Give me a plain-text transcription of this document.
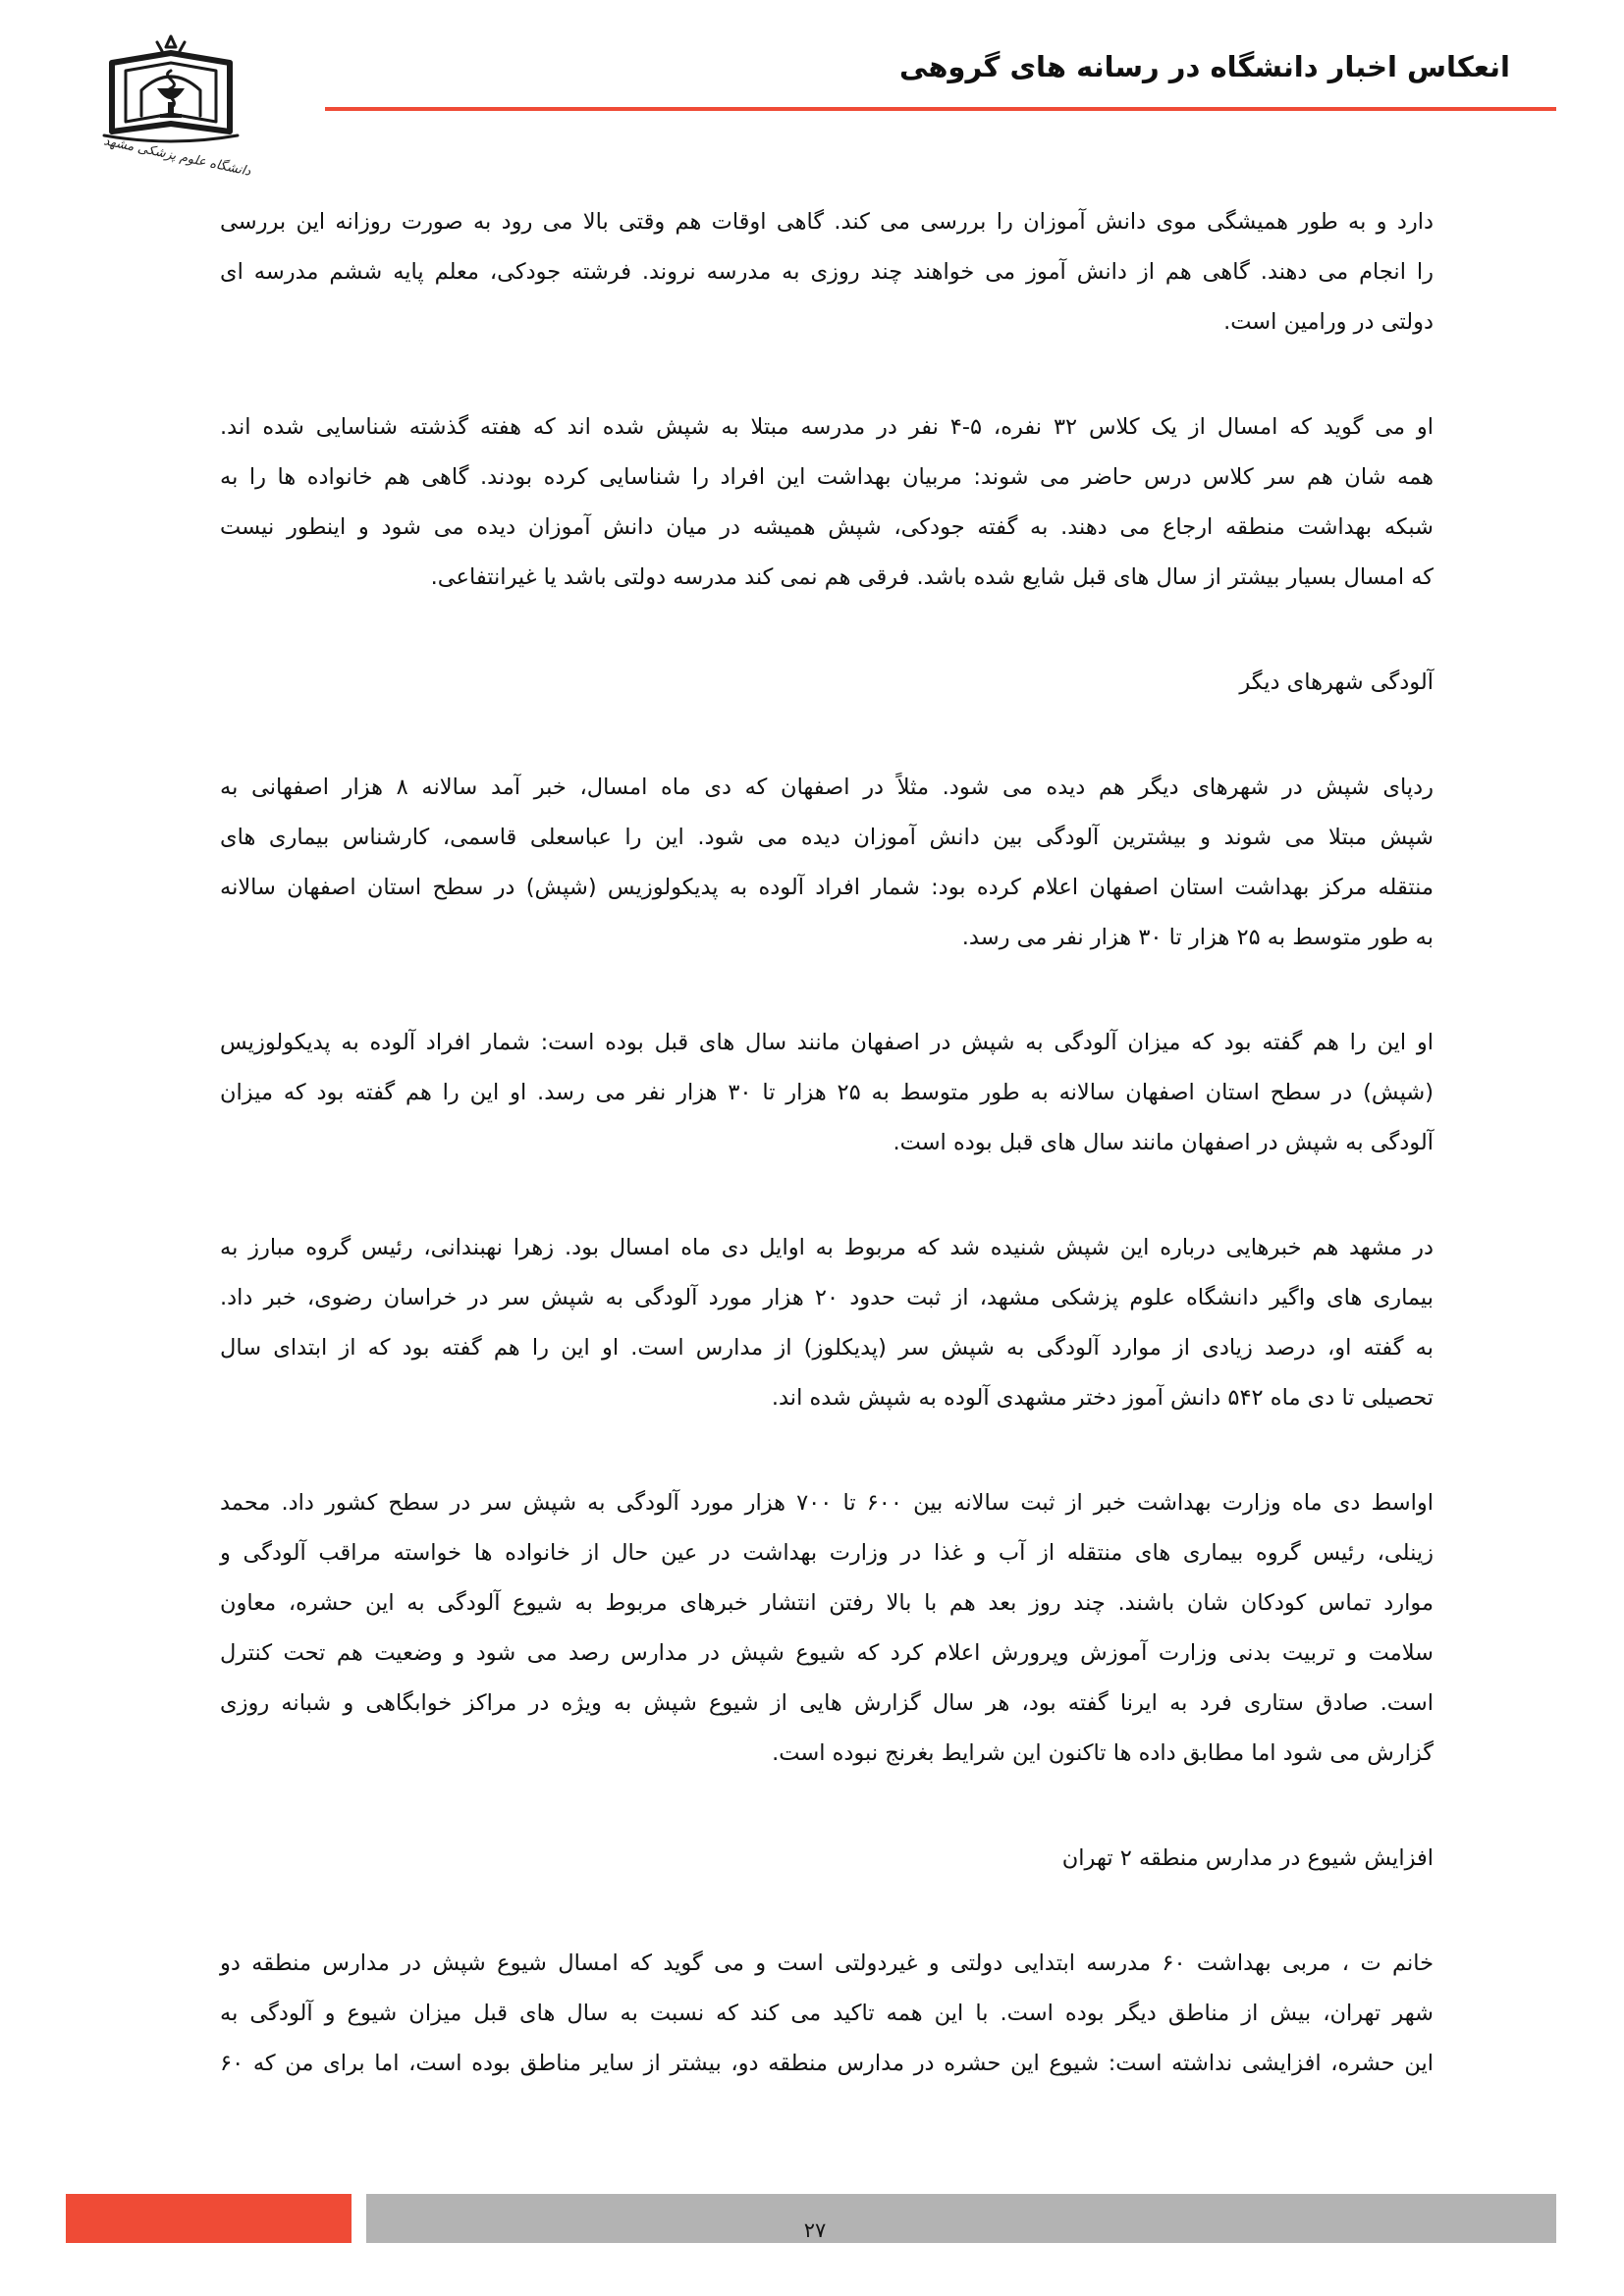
دانشگاه علوم پزشکی مشهد
انعکاس اخبار دانشگاه در رسانه های گروهی

دارد و به طور همیشگی موی دانش آموزان را بررسی می کند. گاهی اوقات هم وقتی بالا می رود به صورت روزانه این بررسی

را انجام می دهند. گاهی هم از دانش آموز می خواهند چند روزی به مدرسه نروند. فرشته جودکی، معلم پایه ششم مدرسه ای

دولتی در ورامین است.

او می گوید که امسال از یک کلاس ۳۲ نفره، ۵-۴ نفر در مدرسه مبتلا به شپش شده اند که هفته گذشته شناسایی شده اند.

همه شان هم سر کلاس درس حاضر می شوند: مربیان بهداشت این افراد را شناسایی کرده بودند. گاهی هم خانواده ها را به

شبکه بهداشت منطقه ارجاع می دهند. به گفته جودکی، شپش همیشه در میان دانش آموزان دیده می شود و اینطور نیست

که امسال بسیار بیشتر از سال های قبل شایع شده باشد. فرقی هم نمی کند مدرسه دولتی باشد یا غیرانتفاعی.

آلودگی شهرهای دیگر

ردپای شپش در شهرهای دیگر هم دیده می شود. مثلاً در اصفهان که دی ماه امسال، خبر آمد سالانه ۸ هزار اصفهانی به

شپش مبتلا می شوند و بیشترین آلودگی بین دانش آموزان دیده می شود. این را عباسعلی قاسمی، کارشناس بیماری های

منتقله مرکز بهداشت استان اصفهان اعلام کرده بود: شمار افراد آلوده به پدیکولوزیس (شپش) در سطح استان اصفهان سالانه

به طور متوسط به ۲۵ هزار تا ۳۰ هزار نفر می رسد.

او این را هم گفته بود که میزان آلودگی به شپش در اصفهان مانند سال های قبل بوده است: شمار افراد آلوده به پدیکولوزیس

(شپش) در سطح استان اصفهان سالانه به طور متوسط به ۲۵ هزار تا ۳۰ هزار نفر می رسد. او این را هم گفته بود که میزان

آلودگی به شپش در اصفهان مانند سال های قبل بوده است.

در مشهد هم خبرهایی درباره این شپش شنیده شد که مربوط به اوایل دی ماه امسال بود. زهرا نهبندانی، رئیس گروه مبارز به

بیماری های واگیر دانشگاه علوم پزشکی مشهد، از ثبت حدود ۲۰ هزار مورد آلودگی به شپش سر در خراسان رضوی، خبر داد.

به گفته او، درصد زیادی از موارد آلودگی به شپش سر (پدیکلوز) از مدارس است. او این را هم گفته بود که از ابتدای سال

تحصیلی تا دی ماه ۵۴۲ دانش آموز دختر مشهدی آلوده به شپش شده اند.

اواسط دی ماه وزارت بهداشت خبر از ثبت سالانه بین ۶۰۰ تا ۷۰۰ هزار مورد آلودگی به شپش سر در سطح کشور داد. محمد

زینلی، رئیس گروه بیماری های منتقله از آب و غذا در وزارت بهداشت در عین حال از خانواده ها خواسته مراقب آلودگی و

موارد تماس کودکان شان باشند. چند روز بعد هم با بالا رفتن انتشار خبرهای مربوط به شیوع آلودگی به این حشره، معاون

سلامت و تربیت بدنی وزارت آموزش وپرورش اعلام کرد که شیوع شپش در مدارس رصد می شود و وضعیت هم تحت کنترل

است. صادق ستاری فرد به ایرنا گفته بود، هر سال گزارش هایی از شیوع شپش به ویژه در مراکز خوابگاهی و شبانه روزی

گزارش می شود اما مطابق داده ها تاکنون این شرایط بغرنج نبوده است.

افزایش شیوع در مدارس منطقه ۲ تهران

خانم ت ، مربی بهداشت ۶۰ مدرسه ابتدایی دولتی و غیردولتی است و می گوید که امسال شیوع شپش در مدارس منطقه دو

شهر تهران، بیش از مناطق دیگر بوده است. با این همه تاکید می کند که نسبت به سال های قبل میزان شیوع و آلودگی به

این حشره، افزایشی نداشته است: شیوع این حشره در مدارس منطقه دو، بیشتر از سایر مناطق بوده است، اما برای من که ۶۰

۲۷
